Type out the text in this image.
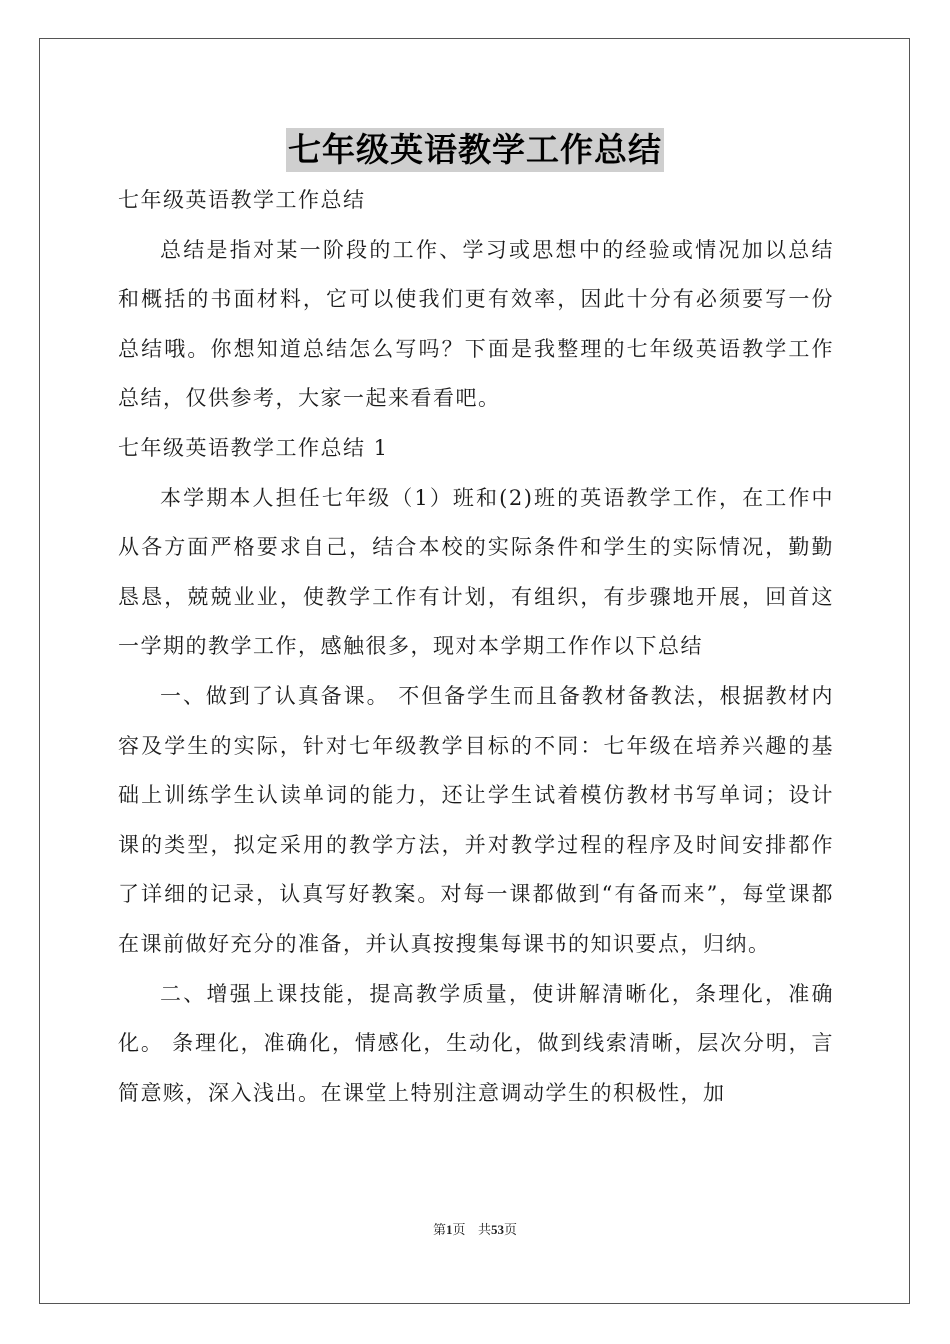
七年级英语教学工作总结

七年级英语教学工作总结

总结是指对某一阶段的工作、学习或思想中的经验或情况加以总结和概括的书面材料，它可以使我们更有效率，因此十分有必须要写一份总结哦。你想知道总结怎么写吗？下面是我整理的七年级英语教学工作总结，仅供参考，大家一起来看看吧。

七年级英语教学工作总结 1

本学期本人担任七年级（1）班和(2)班的英语教学工作，在工作中从各方面严格要求自己，结合本校的实际条件和学生的实际情况，勤勤恳恳，兢兢业业，使教学工作有计划，有组织，有步骤地开展，回首这一学期的教学工作，感触很多，现对本学期工作作以下总结

一、做到了认真备课。 不但备学生而且备教材备教法，根据教材内容及学生的实际，针对七年级教学目标的不同：七年级在培养兴趣的基础上训练学生认读单词的能力，还让学生试着模仿教材书写单词；设计课的类型，拟定采用的教学方法，并对教学过程的程序及时间安排都作了详细的记录，认真写好教案。对每一课都做到“有备而来”，每堂课都在课前做好充分的准备，并认真按搜集每课书的知识要点，归纳。

二、增强上课技能，提高教学质量，使讲解清晰化，条理化，准确化。 条理化，准确化，情感化，生动化，做到线索清晰，层次分明，言简意赅，深入浅出。在课堂上特别注意调动学生的积极性，加

第1页 共53页
